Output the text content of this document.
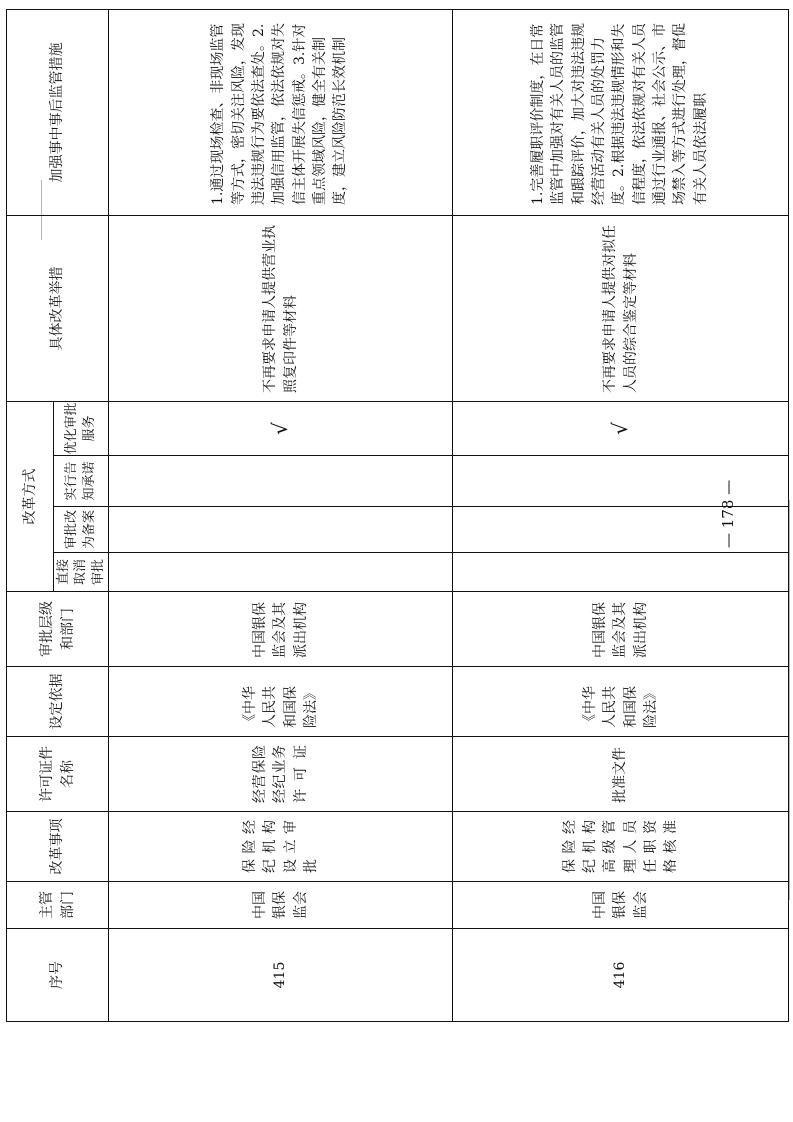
序号	主管部门	改革事项	许可证件名称	设定依据	审批层级和部门	改革方式				具体改革举措	加强事中事后监管措施
						直接取消审批	审批改为备案	实行告知承诺	优化审批服务		
415	中国银保监会	保险经纪机构设立审批	经营保险经纪业务许可证	《中华人民共和国保险法》	中国银保监会及其派出机构				√	不再要求申请人提供营业执照复印件等材料	1.通过现场检查、非现场监管等方式，密切关注风险，发现违法违规行为要依法查处。2.加强信用监管，依法依规对失信主体开展失信惩戒。3.针对重点领域风险，健全有关制度，建立风险防范长效机制

416	中国银保监会	保险经纪机构高级管理人员任职资格核准	批准文件	《中华人民共和国保险法》	中国银保监会及其派出机构				√	不再要求申请人提供对拟任人员的综合鉴定等材料	1.完善履职评价制度，在日常监管中加强对有关人员的监管和跟踪评价，加大对违法违规经营活动有关人员的处罚力度。2.根据违法违规情形和失信程度，依法依规对有关人员通过行业通报、社会公示、市场禁入等方式进行处理，督促有关人员依法履职

— 178 —
